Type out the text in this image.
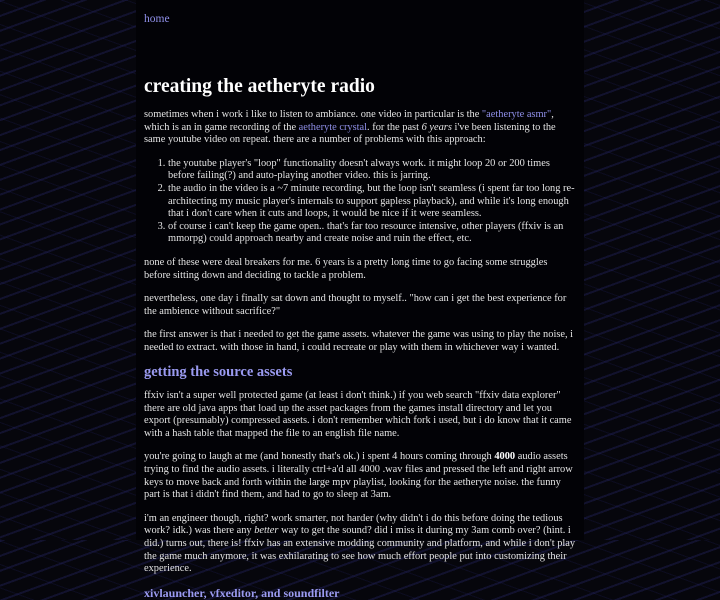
home
creating the aetheryte radio

sometimes when i work i like to listen to ambiance. one video in particular is the "aetheryte asmr", which is an in game recording of the aetheryte crystal. for the past 6 years i've been listening to the same youtube video on repeat. there are a number of problems with this approach:

1. the youtube player's "loop" functionality doesn't always work. it might loop 20 or 200 times before failing(?) and auto-playing another video. this is jarring.
2. the audio in the video is a ~7 minute recording, but the loop isn't seamless (i spent far too long re-architecting my music player's internals to support gapless playback), and while it's long enough that i don't care when it cuts and loops, it would be nice if it were seamless.
3. of course i can't keep the game open.. that's far too resource intensive, other players (ffxiv is an mmorpg) could approach nearby and create noise and ruin the effect, etc.

none of these were deal breakers for me. 6 years is a pretty long time to go facing some struggles before sitting down and deciding to tackle a problem.

nevertheless, one day i finally sat down and thought to myself.. "how can i get the best experience for the ambience without sacrifice?"

the first answer is that i needed to get the game assets. whatever the game was using to play the noise, i needed to extract. with those in hand, i could recreate or play with them in whichever way i wanted.

getting the source assets

ffxiv isn't a super well protected game (at least i don't think.) if you web search "ffxiv data explorer" there are old java apps that load up the asset packages from the games install directory and let you export (presumably) compressed assets. i don't remember which fork i used, but i do know that it came with a hash table that mapped the file to an english file name.

you're going to laugh at me (and honestly that's ok.) i spent 4 hours coming through 4000 audio assets trying to find the audio assets. i literally ctrl+a'd all 4000 .wav files and pressed the left and right arrow keys to move back and forth within the large mpv playlist, looking for the aetheryte noise. the funny part is that i didn't find them, and had to go to sleep at 3am.

i'm an engineer though, right? work smarter, not harder (why didn't i do this before doing the tedious work? idk.) was there any better way to get the sound? did i miss it during my 3am comb over? (hint. i did.) turns out, there is! ffxiv has an extensive modding community and platform, and while i don't play the game much anymore, it was exhilarating to see how much effort people put into customizing their experience.

xivlauncher, vfxeditor, and soundfilter
